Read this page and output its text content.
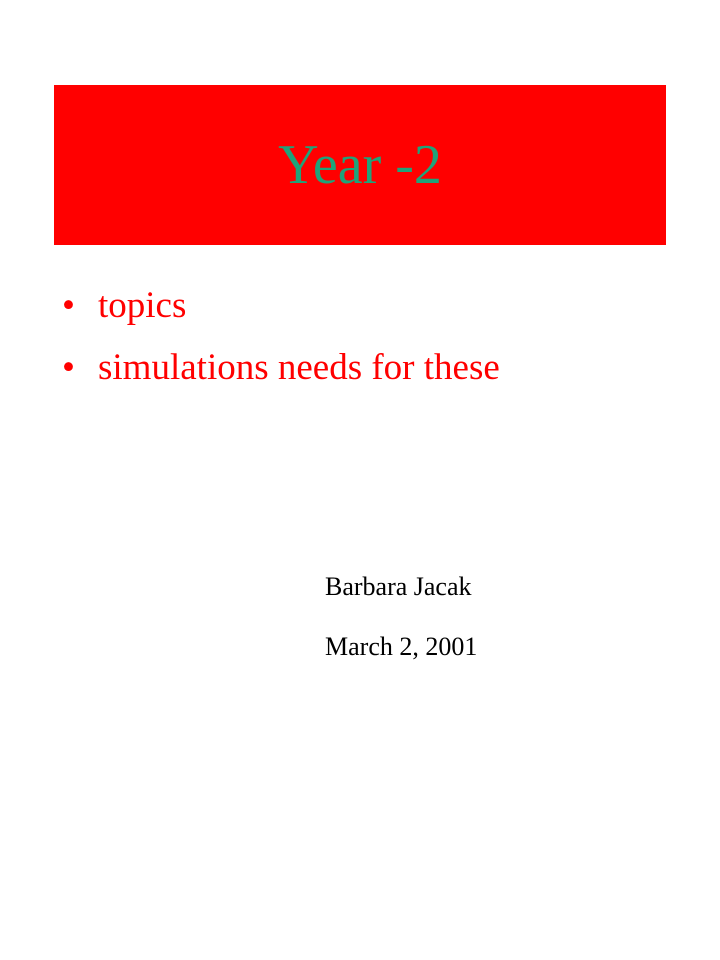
Year -2
• topics
• simulations needs for these
Barbara Jacak
March 2, 2001
